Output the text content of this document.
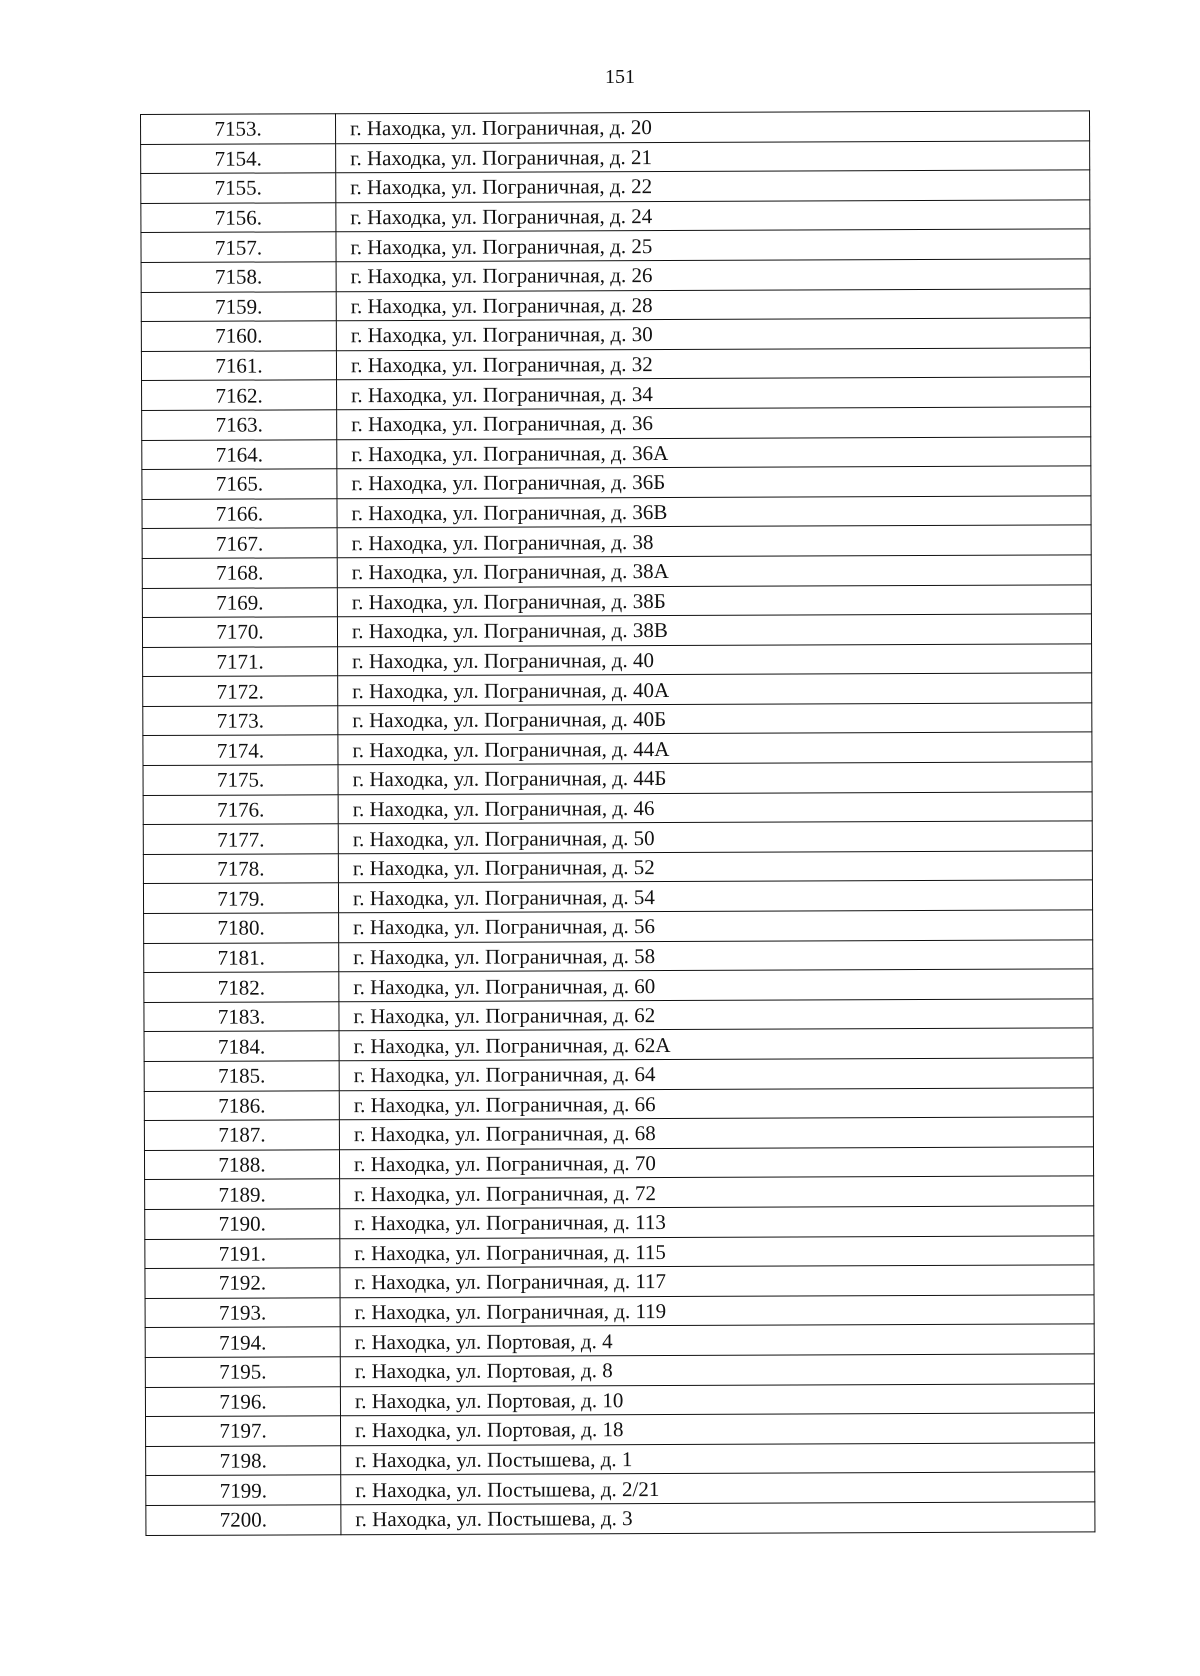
151
7153.	г. Находка, ул. Пограничная, д. 20
7154.	г. Находка, ул. Пограничная, д. 21
7155.	г. Находка, ул. Пограничная, д. 22
7156.	г. Находка, ул. Пограничная, д. 24
7157.	г. Находка, ул. Пограничная, д. 25
7158.	г. Находка, ул. Пограничная, д. 26
7159.	г. Находка, ул. Пограничная, д. 28
7160.	г. Находка, ул. Пограничная, д. 30
7161.	г. Находка, ул. Пограничная, д. 32
7162.	г. Находка, ул. Пограничная, д. 34
7163.	г. Находка, ул. Пограничная, д. 36
7164.	г. Находка, ул. Пограничная, д. 36А
7165.	г. Находка, ул. Пограничная, д. 36Б
7166.	г. Находка, ул. Пограничная, д. 36В
7167.	г. Находка, ул. Пограничная, д. 38
7168.	г. Находка, ул. Пограничная, д. 38А
7169.	г. Находка, ул. Пограничная, д. 38Б
7170.	г. Находка, ул. Пограничная, д. 38В
7171.	г. Находка, ул. Пограничная, д. 40
7172.	г. Находка, ул. Пограничная, д. 40А
7173.	г. Находка, ул. Пограничная, д. 40Б
7174.	г. Находка, ул. Пограничная, д. 44А
7175.	г. Находка, ул. Пограничная, д. 44Б
7176.	г. Находка, ул. Пограничная, д. 46
7177.	г. Находка, ул. Пограничная, д. 50
7178.	г. Находка, ул. Пограничная, д. 52
7179.	г. Находка, ул. Пограничная, д. 54
7180.	г. Находка, ул. Пограничная, д. 56
7181.	г. Находка, ул. Пограничная, д. 58
7182.	г. Находка, ул. Пограничная, д. 60
7183.	г. Находка, ул. Пограничная, д. 62
7184.	г. Находка, ул. Пограничная, д. 62А
7185.	г. Находка, ул. Пограничная, д. 64
7186.	г. Находка, ул. Пограничная, д. 66
7187.	г. Находка, ул. Пограничная, д. 68
7188.	г. Находка, ул. Пограничная, д. 70
7189.	г. Находка, ул. Пограничная, д. 72
7190.	г. Находка, ул. Пограничная, д. 113
7191.	г. Находка, ул. Пограничная, д. 115
7192.	г. Находка, ул. Пограничная, д. 117
7193.	г. Находка, ул. Пограничная, д. 119
7194.	г. Находка, ул. Портовая, д. 4
7195.	г. Находка, ул. Портовая, д. 8
7196.	г. Находка, ул. Портовая, д. 10
7197.	г. Находка, ул. Портовая, д. 18
7198.	г. Находка, ул. Постышева, д. 1
7199.	г. Находка, ул. Постышева, д. 2/21
7200.	г. Находка, ул. Постышева, д. 3
